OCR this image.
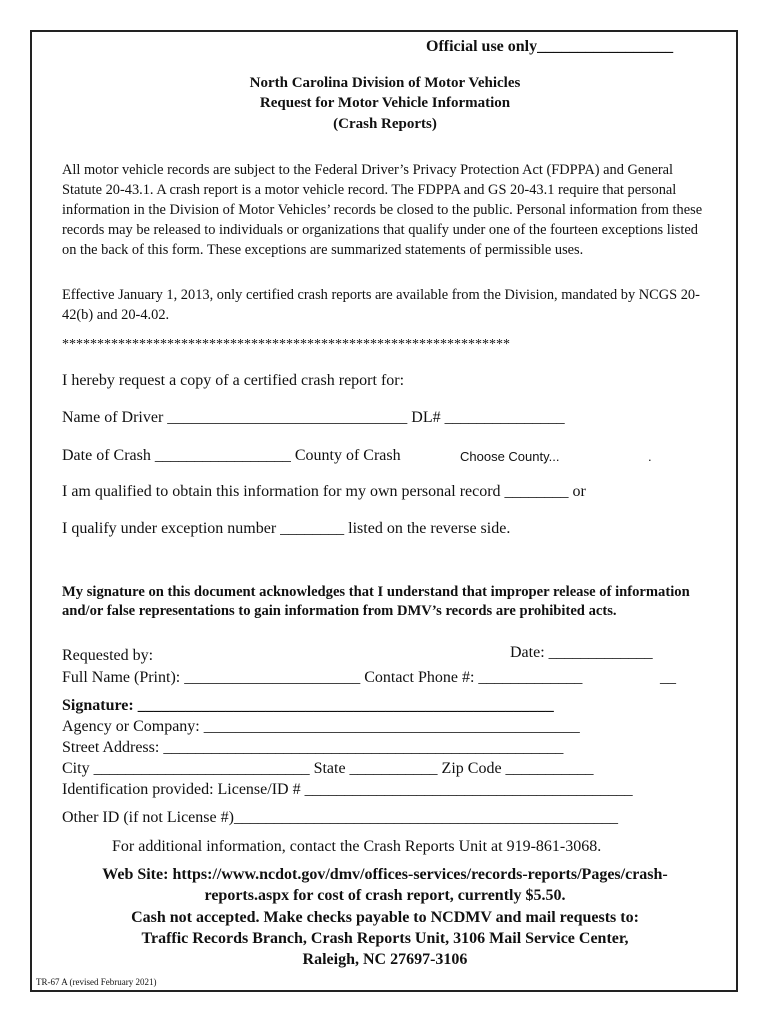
Official use only_________________
North Carolina Division of Motor Vehicles
Request for Motor Vehicle Information
(Crash Reports)
All motor vehicle records are subject to the Federal Driver’s Privacy Protection Act (FDPPA) and General Statute 20-43.1. A crash report is a motor vehicle record. The FDPPA and GS 20-43.1 require that personal information in the Division of Motor Vehicles’ records be closed to the public. Personal information from these records may be released to individuals or organizations that qualify under one of the fourteen exceptions listed on the back of this form. These exceptions are summarized statements of permissible uses.
Effective January 1, 2013, only certified crash reports are available from the Division, mandated by NCGS 20-42(b) and 20-4.02.
****************************************************************
I hereby request a copy of a certified crash report for:
Name of Driver ______________________________ DL# _______________
Date of Crash _________________ County of Crash	Choose County...	.
I am qualified to obtain this information for my own personal record ________ or
I qualify under exception number ________ listed on the reverse side.
My signature on this document acknowledges that I understand that improper release of information and/or false representations to gain information from DMV’s records are prohibited acts.
Requested by:	Date: _____________
Full Name (Print): ______________________ Contact Phone #: _____________	__
Signature: ____________________________________________________
Agency or Company: _______________________________________________
Street Address: __________________________________________________
City ___________________________ State ___________ Zip Code ___________
Identification provided: License/ID # _________________________________________
Other ID (if not License #)________________________________________________
For additional information, contact the Crash Reports Unit at 919-861-3068.
Web Site: https://www.ncdot.gov/dmv/offices-services/records-reports/Pages/crash-
reports.aspx for cost of crash report, currently $5.50.
Cash not accepted. Make checks payable to NCDMV and mail requests to:
Traffic Records Branch, Crash Reports Unit, 3106 Mail Service Center,
Raleigh, NC 27697-3106
TR-67 A (revised February 2021)
